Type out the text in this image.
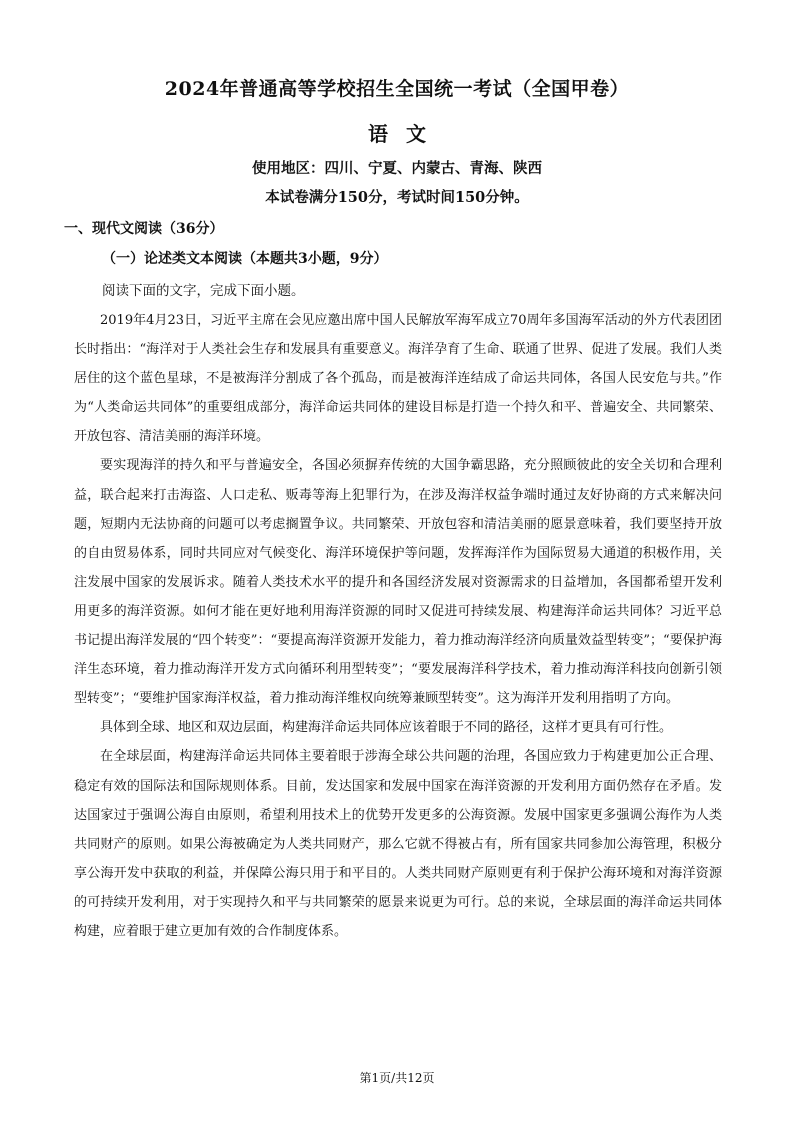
2024年普通高等学校招生全国统一考试（全国甲卷）
语文
使用地区：四川、宁夏、内蒙古、青海、陕西
本试卷满分150分，考试时间150分钟。
一、现代文阅读（36分）
（一）论述类文本阅读（本题共3小题，9分）
阅读下面的文字，完成下面小题。

2019年4月23日，习近平主席在会见应邀出席中国人民解放军海军成立70周年多国海军活动的外方代表团团长时指出：“海洋对于人类社会生存和发展具有重要意义。海洋孕育了生命、联通了世界、促进了发展。我们人类居住的这个蓝色星球，不是被海洋分割成了各个孤岛，而是被海洋连结成了命运共同体，各国人民安危与共。”作为“人类命运共同体”的重要组成部分，海洋命运共同体的建设目标是打造一个持久和平、普遍安全、共同繁荣、开放包容、清洁美丽的海洋环境。

要实现海洋的持久和平与普遍安全，各国必须摒弃传统的大国争霸思路，充分照顾彼此的安全关切和合理利益，联合起来打击海盗、人口走私、贩毒等海上犯罪行为，在涉及海洋权益争端时通过友好协商的方式来解决问题，短期内无法协商的问题可以考虑搁置争议。共同繁荣、开放包容和清洁美丽的愿景意味着，我们要坚持开放的自由贸易体系，同时共同应对气候变化、海洋环境保护等问题，发挥海洋作为国际贸易大通道的积极作用，关注发展中国家的发展诉求。随着人类技术水平的提升和各国经济发展对资源需求的日益增加，各国都希望开发利用更多的海洋资源。如何才能在更好地利用海洋资源的同时又促进可持续发展、构建海洋命运共同体？习近平总书记提出海洋发展的“四个转变”：“要提高海洋资源开发能力，着力推动海洋经济向质量效益型转变”；“要保护海洋生态环境，着力推动海洋开发方式向循环利用型转变”；“要发展海洋科学技术，着力推动海洋科技向创新引领型转变”；“要维护国家海洋权益，着力推动海洋维权向统筹兼顾型转变”。这为海洋开发利用指明了方向。

具体到全球、地区和双边层面，构建海洋命运共同体应该着眼于不同的路径，这样才更具有可行性。

在全球层面，构建海洋命运共同体主要着眼于涉海全球公共问题的治理，各国应致力于构建更加公正合理、稳定有效的国际法和国际规则体系。目前，发达国家和发展中国家在海洋资源的开发利用方面仍然存在矛盾。发达国家过于强调公海自由原则，希望利用技术上的优势开发更多的公海资源。发展中国家更多强调公海作为人类共同财产的原则。如果公海被确定为人类共同财产，那么它就不得被占有，所有国家共同参加公海管理，积极分享公海开发中获取的利益，并保障公海只用于和平目的。人类共同财产原则更有利于保护公海环境和对海洋资源的可持续开发利用，对于实现持久和平与共同繁荣的愿景来说更为可行。总的来说，全球层面的海洋命运共同体构建，应着眼于建立更加有效的合作制度体系。

第1页/共12页
